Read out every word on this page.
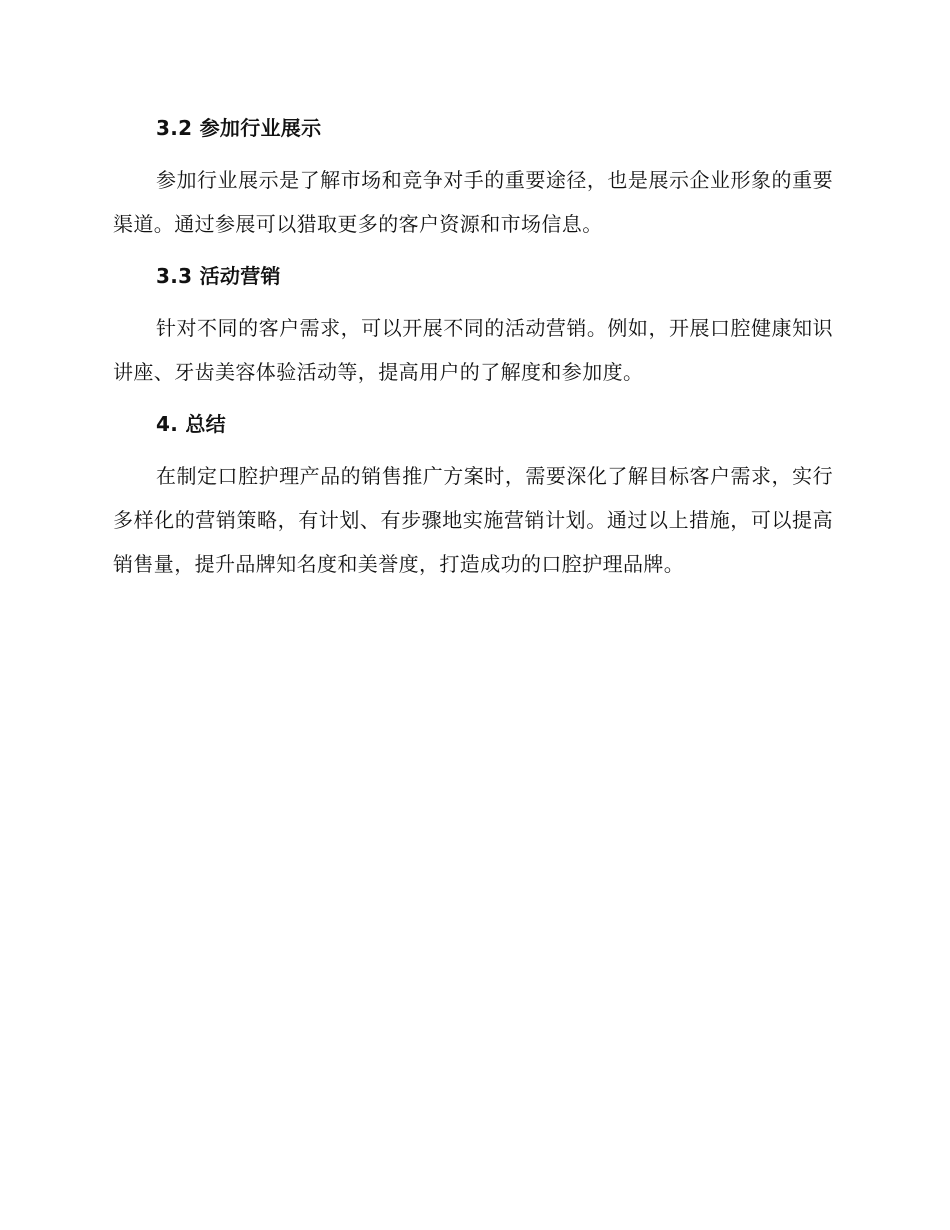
3.2 参加行业展示
参加行业展示是了解市场和竞争对手的重要途径，也是展示企业形象的重要渠道。通过参展可以猎取更多的客户资源和市场信息。
3.3 活动营销
针对不同的客户需求，可以开展不同的活动营销。例如，开展口腔健康知识讲座、牙齿美容体验活动等，提高用户的了解度和参加度。
4. 总结
在制定口腔护理产品的销售推广方案时，需要深化了解目标客户需求，实行多样化的营销策略，有计划、有步骤地实施营销计划。通过以上措施，可以提高销售量，提升品牌知名度和美誉度，打造成功的口腔护理品牌。
